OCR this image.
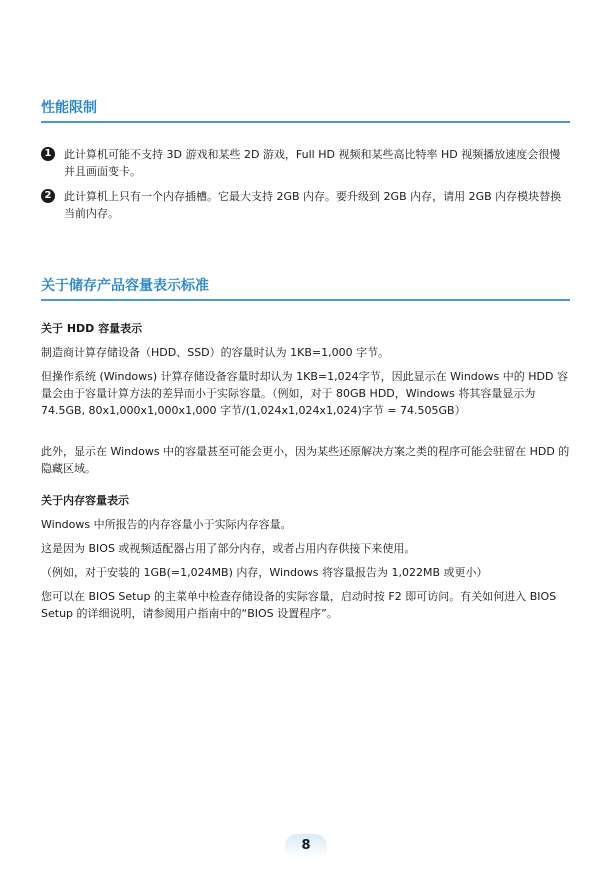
性能限制
1	此计算机可能不支持 3D 游戏和某些 2D 游戏，Full HD 视频和某些高比特率 HD 视频播放速度会很慢并且画面变卡。
2	此计算机上只有一个内存插槽。它最大支持 2GB 内存。要升级到 2GB 内存，请用 2GB 内存模块替换当前内存。
关于储存产品容量表示标准
关于 HDD 容量表示
制造商计算存储设备（HDD、SSD）的容量时认为 1KB=1,000 字节。
但操作系统 (Windows) 计算存储设备容量时却认为 1KB=1,024字节，因此显示在 Windows 中的 HDD 容量会由于容量计算方法的差异而小于实际容量。（例如，对于 80GB HDD，Windows 将其容量显示为 74.5GB, 80x1,000x1,000x1,000 字节/(1,024x1,024x1,024)字节 = 74.505GB）
此外，显示在 Windows 中的容量甚至可能会更小，因为某些还原解决方案之类的程序可能会驻留在 HDD 的隐藏区域。
关于内存容量表示
Windows 中所报告的内存容量小于实际内存容量。
这是因为 BIOS 或视频适配器占用了部分内存，或者占用内存供接下来使用。
（例如，对于安装的 1GB(=1,024MB) 内存，Windows 将容量报告为 1,022MB 或更小）
您可以在 BIOS Setup 的主菜单中检查存储设备的实际容量，启动时按 F2 即可访问。有关如何进入 BIOS Setup 的详细说明，请参阅用户指南中的“BIOS 设置程序”。
8
